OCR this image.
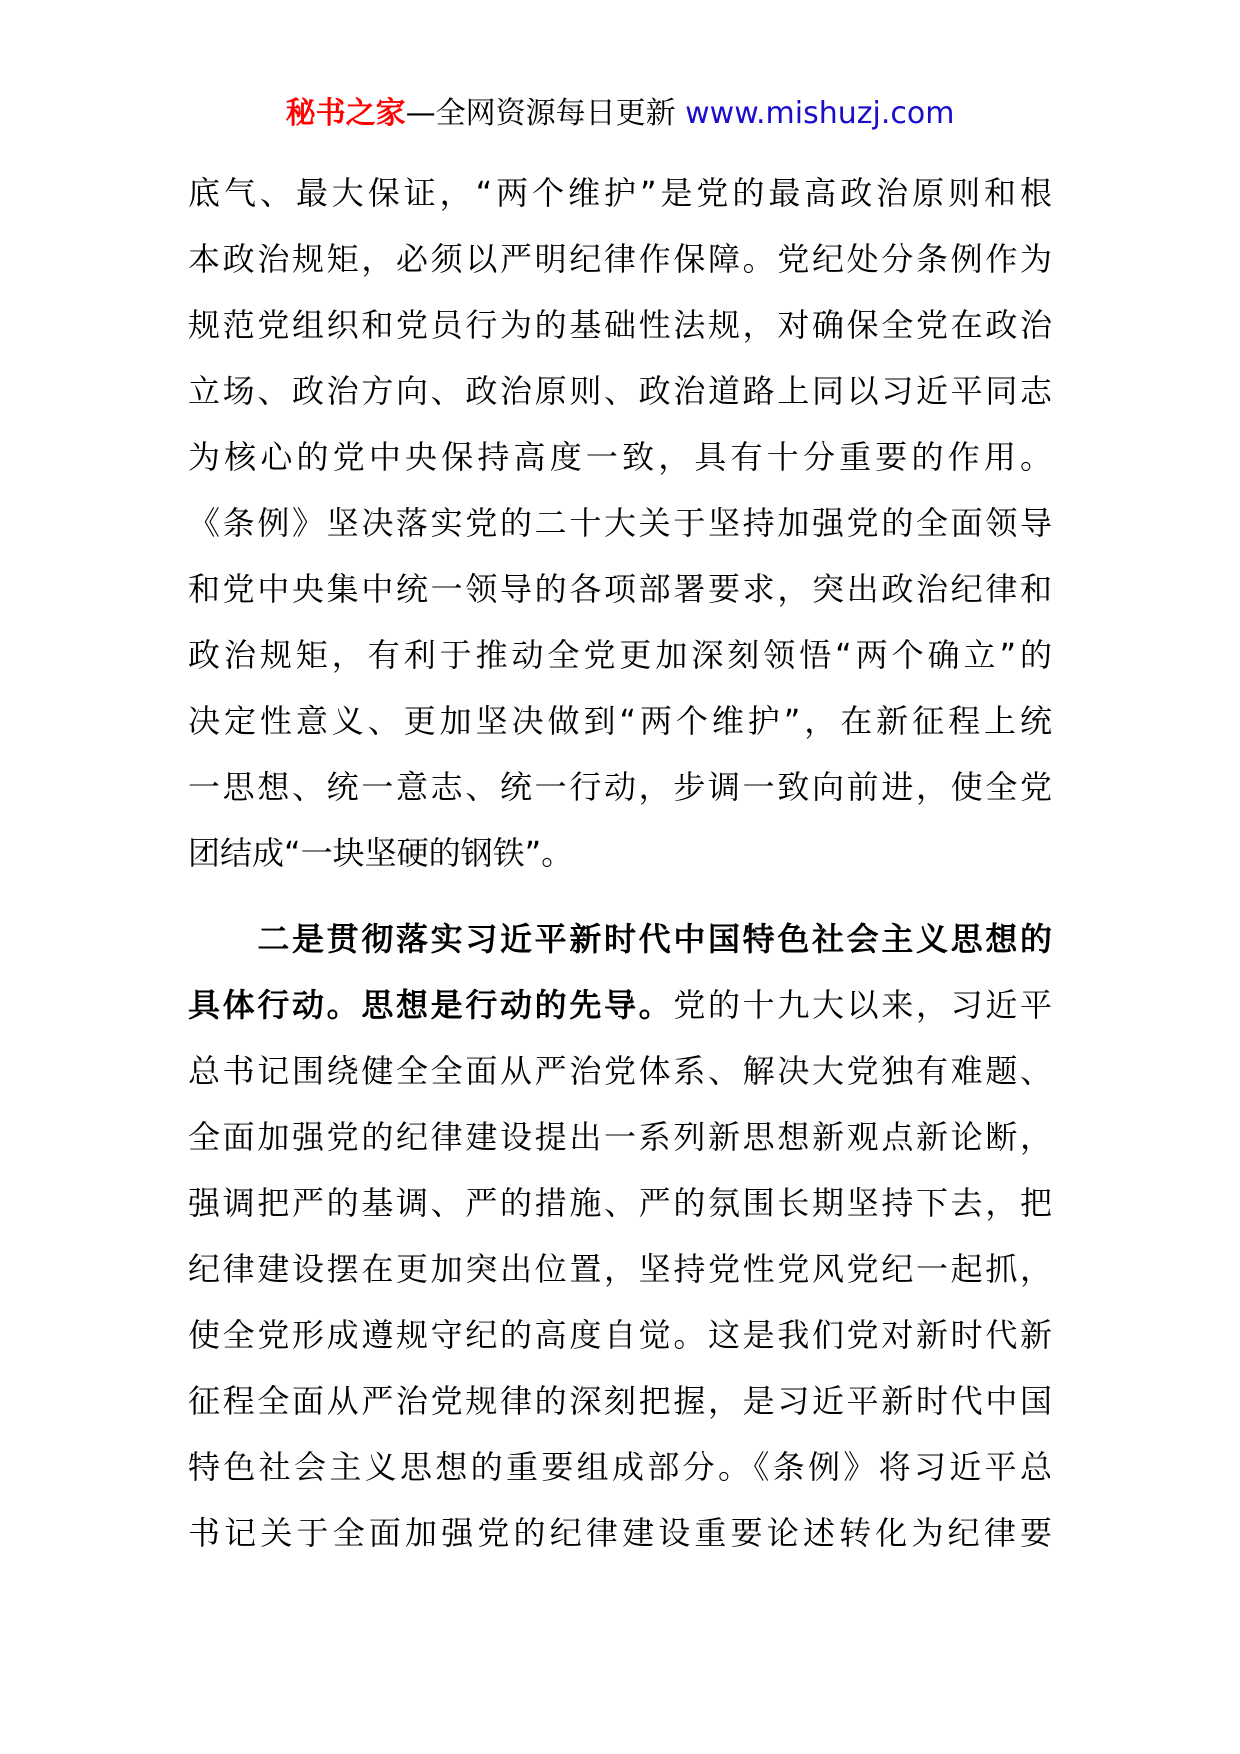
秘书之家—全网资源每日更新 www.mishuzj.com
底气、最大保证，“两个维护”是党的最高政治原则和根
本政治规矩，必须以严明纪律作保障。党纪处分条例作为
规范党组织和党员行为的基础性法规，对确保全党在政治
立场、政治方向、政治原则、政治道路上同以习近平同志
为核心的党中央保持高度一致，具有十分重要的作用。
《条例》坚决落实党的二十大关于坚持加强党的全面领导
和党中央集中统一领导的各项部署要求，突出政治纪律和
政治规矩，有利于推动全党更加深刻领悟“两个确立”的
决定性意义、更加坚决做到“两个维护”，在新征程上统
一思想、统一意志、统一行动，步调一致向前进，使全党
团结成“一块坚硬的钢铁”。
　　二是贯彻落实习近平新时代中国特色社会主义思想的
具体行动。思想是行动的先导。党的十九大以来，习近平
总书记围绕健全全面从严治党体系、解决大党独有难题、
全面加强党的纪律建设提出一系列新思想新观点新论断，
强调把严的基调、严的措施、严的氛围长期坚持下去，把
纪律建设摆在更加突出位置，坚持党性党风党纪一起抓，
使全党形成遵规守纪的高度自觉。这是我们党对新时代新
征程全面从严治党规律的深刻把握，是习近平新时代中国
特色社会主义思想的重要组成部分。《条例》将习近平总
书记关于全面加强党的纪律建设重要论述转化为纪律要
